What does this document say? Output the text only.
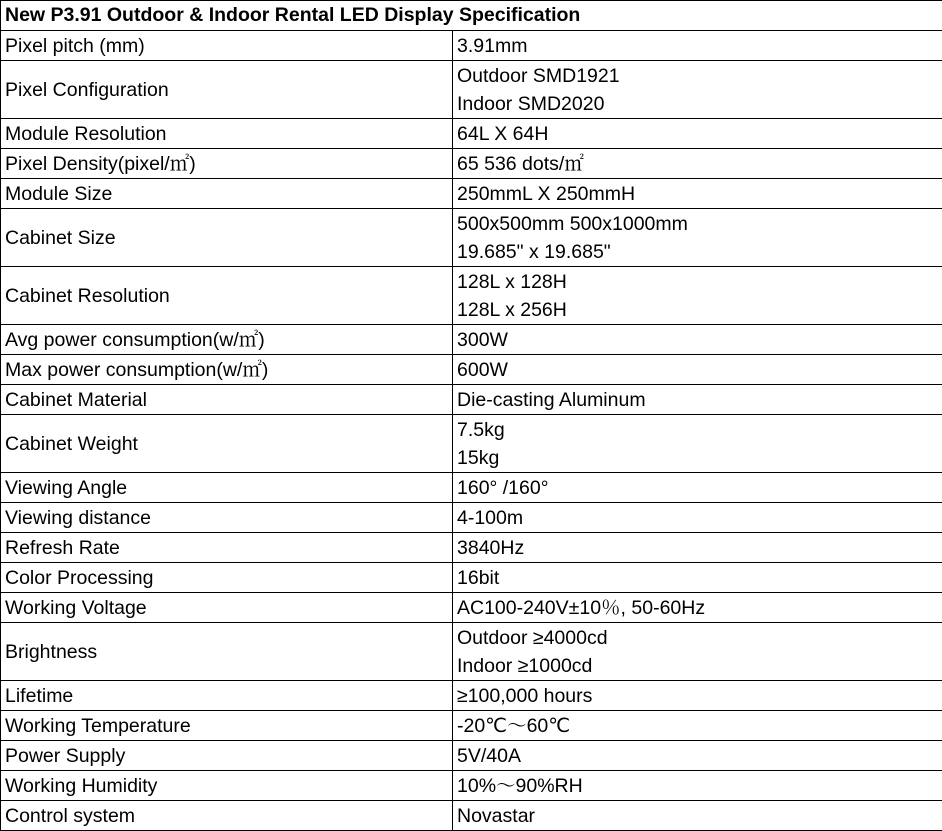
New P3.91 Outdoor & Indoor Rental LED Display Specification	
Pixel pitch (mm)	3.91mm

Pixel Configuration	Outdoor SMD1921
Indoor SMD2020

Module Resolution	64L X 64H

Pixel Density(pixel/㎡)	65 536 dots/㎡

Module Size	250mmL X 250mmH

Cabinet Size	500x500mm 500x1000mm
19.685" x 19.685"

Cabinet Resolution	128L x 128H
128L x 256H

Avg power consumption(w/㎡)	300W

Max power consumption(w/㎡)	600W

Cabinet Material	Die-casting Aluminum

Cabinet Weight	7.5kg
15kg

Viewing Angle	160° /160°

Viewing distance	4-100m

Refresh Rate	3840Hz

Color Processing	16bit

Working Voltage	AC100-240V±10％, 50-60Hz

Brightness	Outdoor ≥4000cd
Indoor ≥1000cd

Lifetime	≥100,000 hours

Working Temperature	-20℃～60℃

Power Supply	5V/40A

Working Humidity	10%～90%RH

Control system	Novastar
